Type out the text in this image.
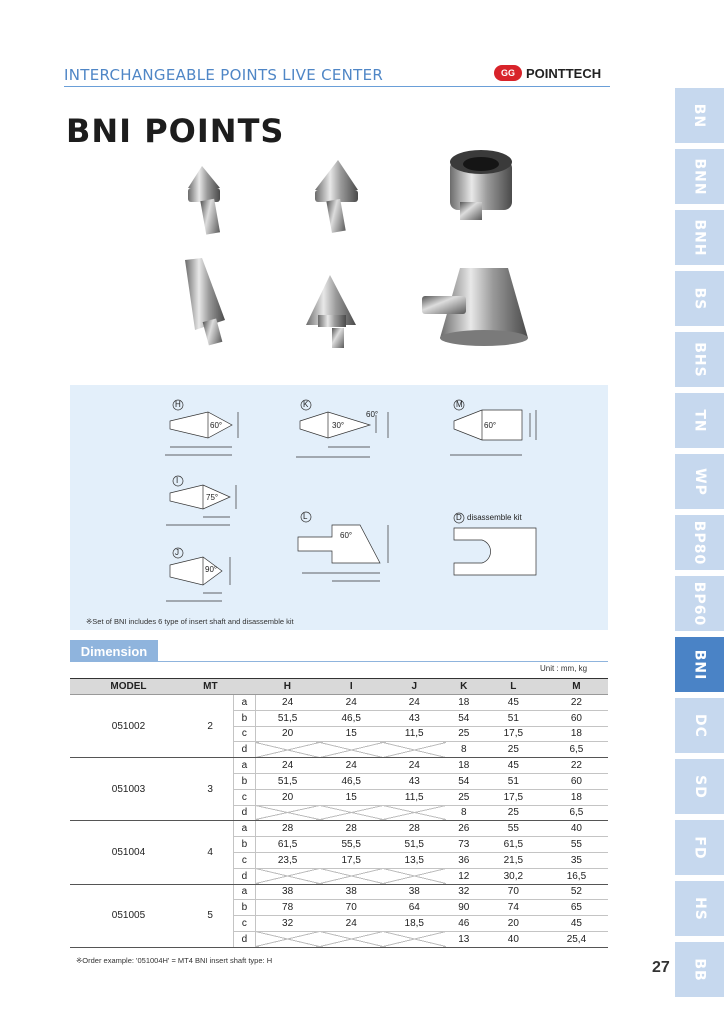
INTERCHANGEABLE POINTS LIVE CENTER	GG POINTTECH
BNI POINTS	BN
BNN
BNH
BS
BHS
TN
WP
BP80
BP60
BNI
DC
SD
FD
HS
BB
H	K	M
I
L
J
D disassemble kit
60°	30°
60°
60°
75°
60°
90°
※Set of BNI includes 6 type of insert shaft and disassemble kit
Dimension
Unit : mm, kg
MODEL	MT		H	I	J	K	L	M
051002	2	a	24	24	24	18	45	22
		b	51,5	46,5	43	54	51	60
		c	20	15	11,5	25	17,5	18
		d				8	25	6,5
051003	3	a	24	24	24	18	45	22
		b	51,5	46,5	43	54	51	60
		c	20	15	11,5	25	17,5	18
		d				8	25	6,5
051004	4	a	28	28	28	26	55	40
		b	61,5	55,5	51,5	73	61,5	55
		c	23,5	17,5	13,5	36	21,5	35
		d				12	30,2	16,5
051005	5	a	38	38	38	32	70	52
		b	78	70	64	90	74	65
		c	32	24	18,5	46	20	45
		d				13	40	25,4
※Order example: '051004H' = MT4 BNI insert shaft type: H	27
